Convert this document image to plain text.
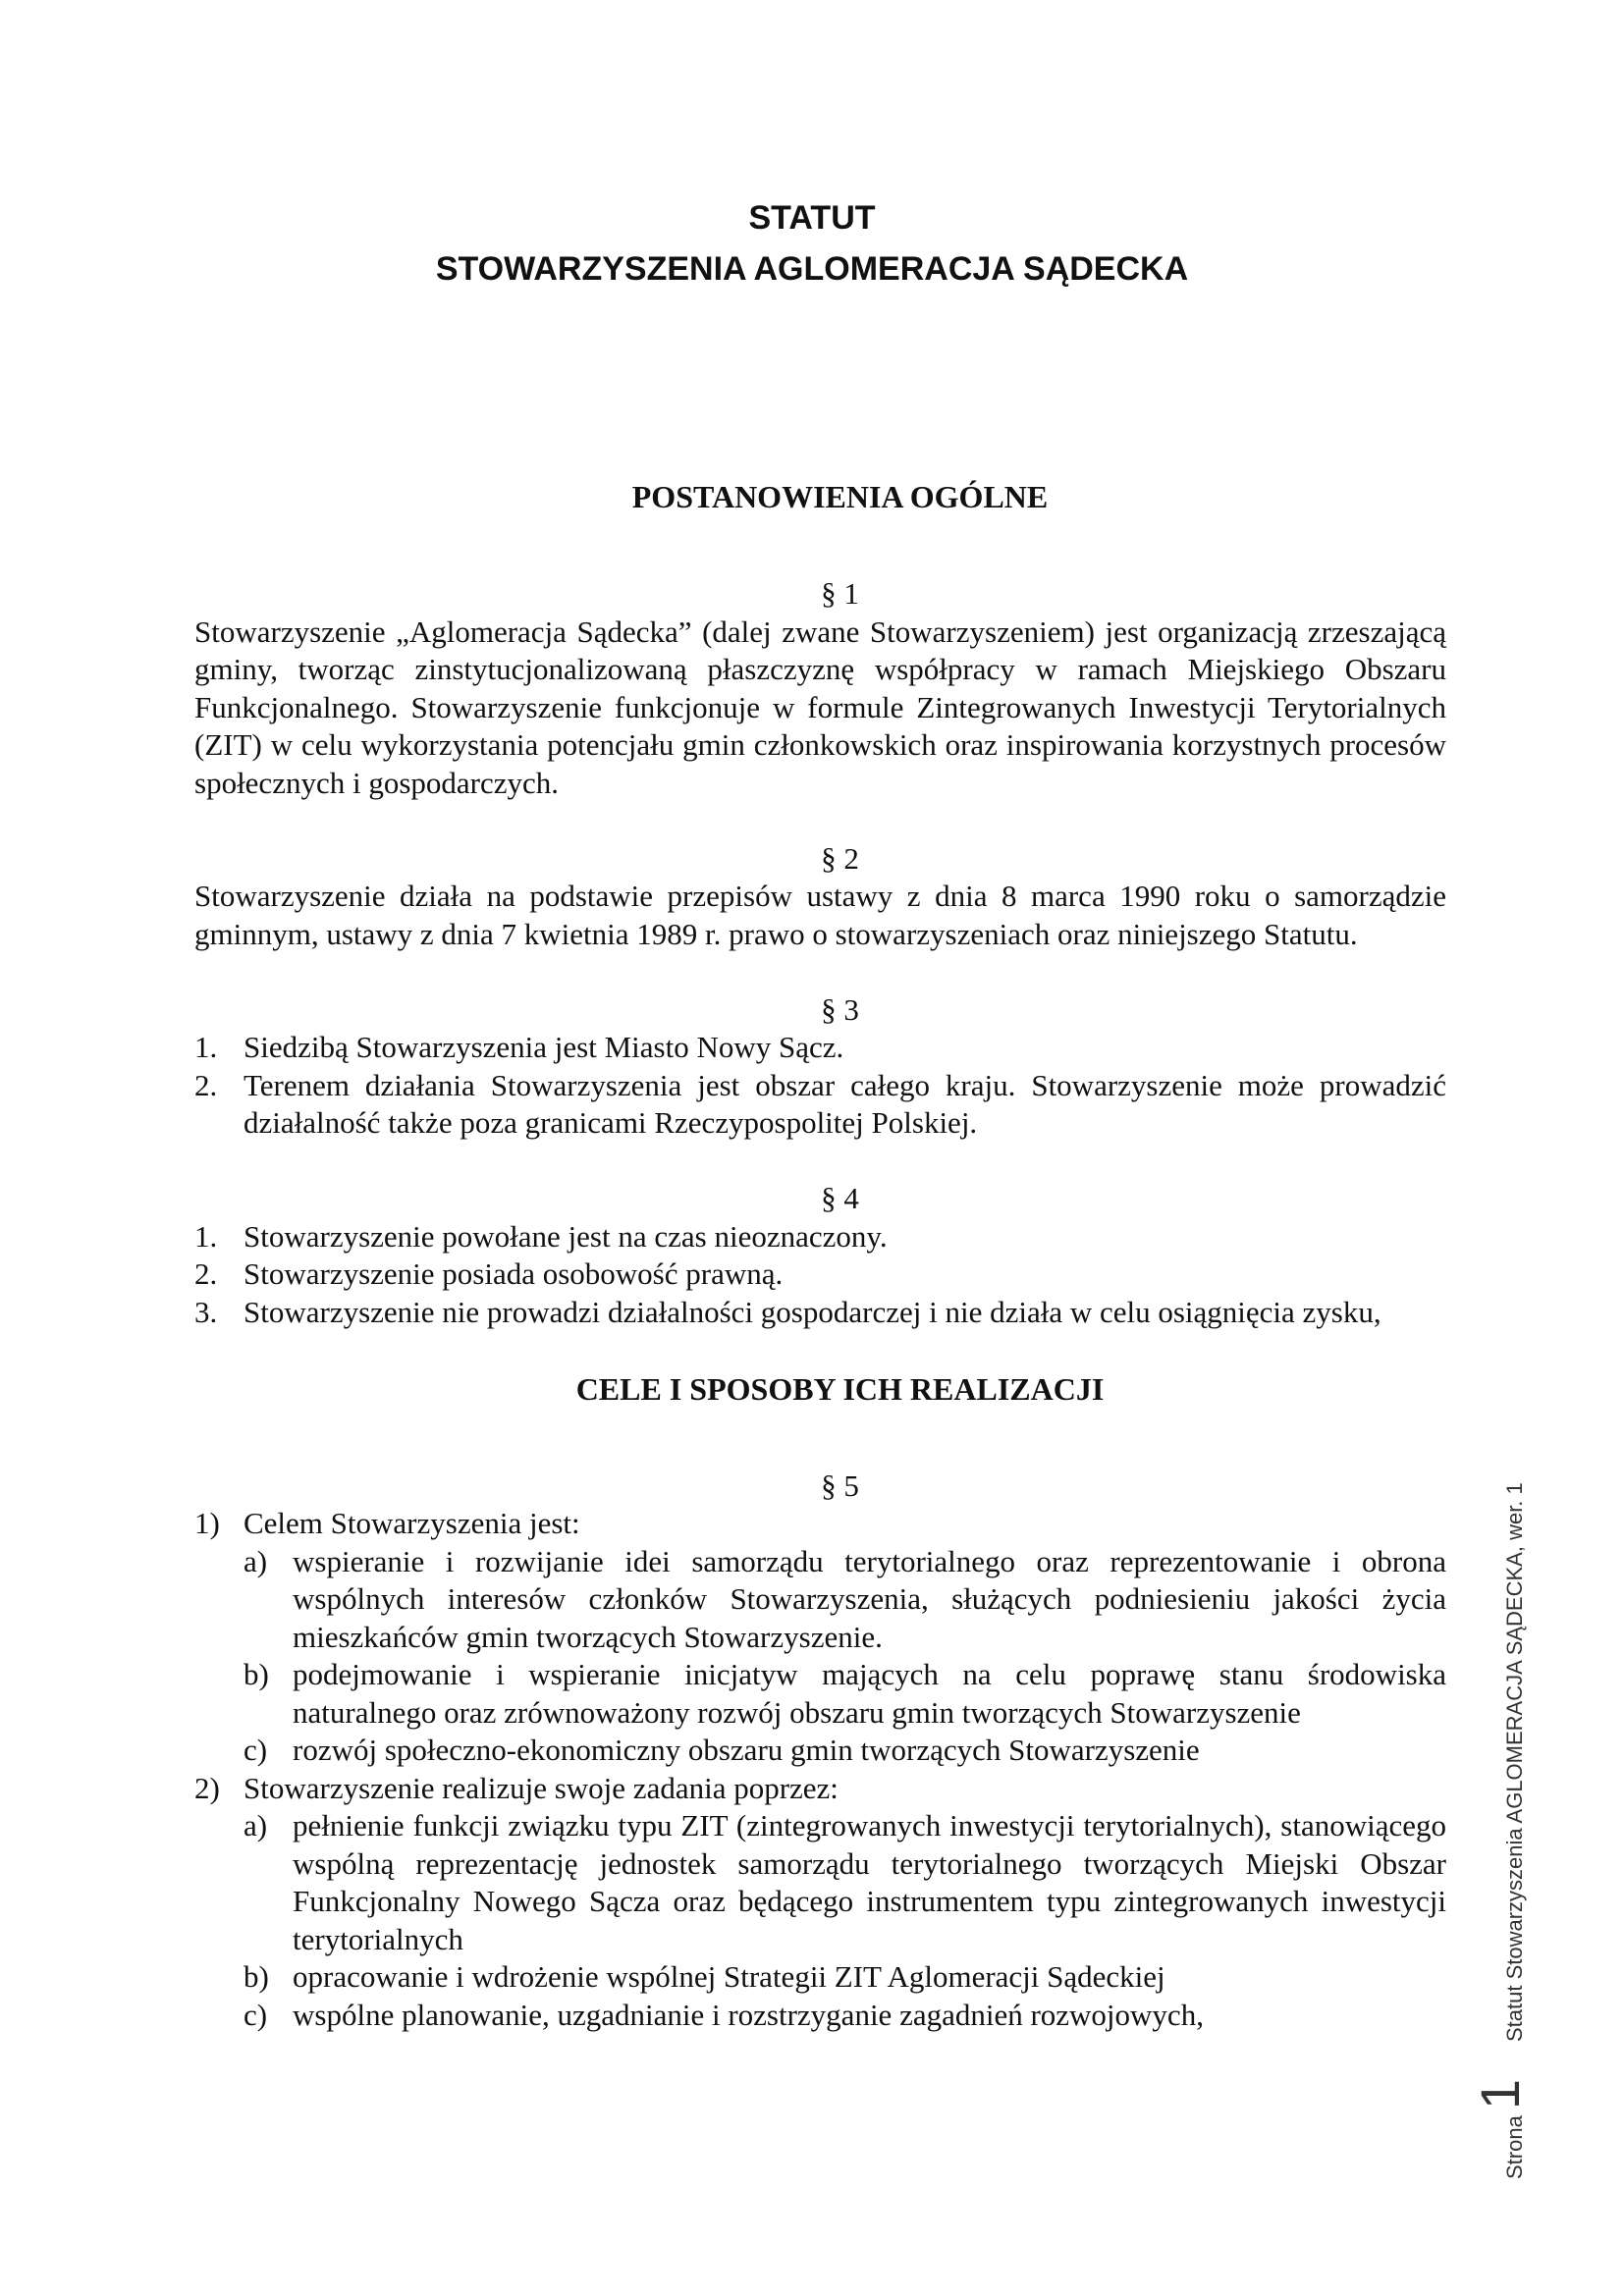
STATUT
STOWARZYSZENIA AGLOMERACJA SĄDECKA
POSTANOWIENIA OGÓLNE

§ 1

Stowarzyszenie „Aglomeracja Sądecka” (dalej zwane Stowarzyszeniem) jest organizacją zrzeszającą gminy, tworząc zinstytucjonalizowaną płaszczyznę współpracy w ramach Miejskiego Obszaru Funkcjonalnego. Stowarzyszenie funkcjonuje w formule Zintegrowanych Inwestycji Terytorialnych (ZIT) w celu wykorzystania potencjału gmin członkowskich oraz inspirowania korzystnych procesów społecznych i gospodarczych.

§ 2

Stowarzyszenie działa na podstawie przepisów ustawy z dnia 8 marca 1990 roku o samorządzie gminnym, ustawy z dnia 7 kwietnia 1989 r. prawo o stowarzyszeniach oraz niniejszego Statutu.

§ 3

1. Siedzibą Stowarzyszenia jest Miasto Nowy Sącz.
2. Terenem działania Stowarzyszenia jest obszar całego kraju. Stowarzyszenie może prowadzić działalność także poza granicami Rzeczypospolitej Polskiej.

§ 4

1. Stowarzyszenie powołane jest na czas nieoznaczony.
2. Stowarzyszenie posiada osobowość prawną.
3. Stowarzyszenie nie prowadzi działalności gospodarczej i nie działa w celu osiągnięcia zysku,
CELE I SPOSOBY ICH REALIZACJI

§ 5

1) Celem Stowarzyszenia jest:
a) wspieranie i rozwijanie idei samorządu terytorialnego oraz reprezentowanie i obrona wspólnych interesów członków Stowarzyszenia, służących podniesieniu jakości życia mieszkańców gmin tworzących Stowarzyszenie.
b) podejmowanie i wspieranie inicjatyw mających na celu poprawę stanu środowiska naturalnego oraz zrównoważony rozwój obszaru gmin tworzących Stowarzyszenie
c) rozwój społeczno-ekonomiczny obszaru gmin tworzących Stowarzyszenie
2) Stowarzyszenie realizuje swoje zadania poprzez:
a) pełnienie funkcji związku typu ZIT (zintegrowanych inwestycji terytorialnych), stanowiącego wspólną reprezentację jednostek samorządu terytorialnego tworzących Miejski Obszar Funkcjonalny Nowego Sącza oraz będącego instrumentem typu zintegrowanych inwestycji terytorialnych
b) opracowanie i wdrożenie wspólnej Strategii ZIT Aglomeracji Sądeckiej
c) wspólne planowanie, uzgadnianie i rozstrzyganie zagadnień rozwojowych,
Strona
1
Statut Stowarzyszenia AGLOMERACJA SĄDECKA, wer. 1
